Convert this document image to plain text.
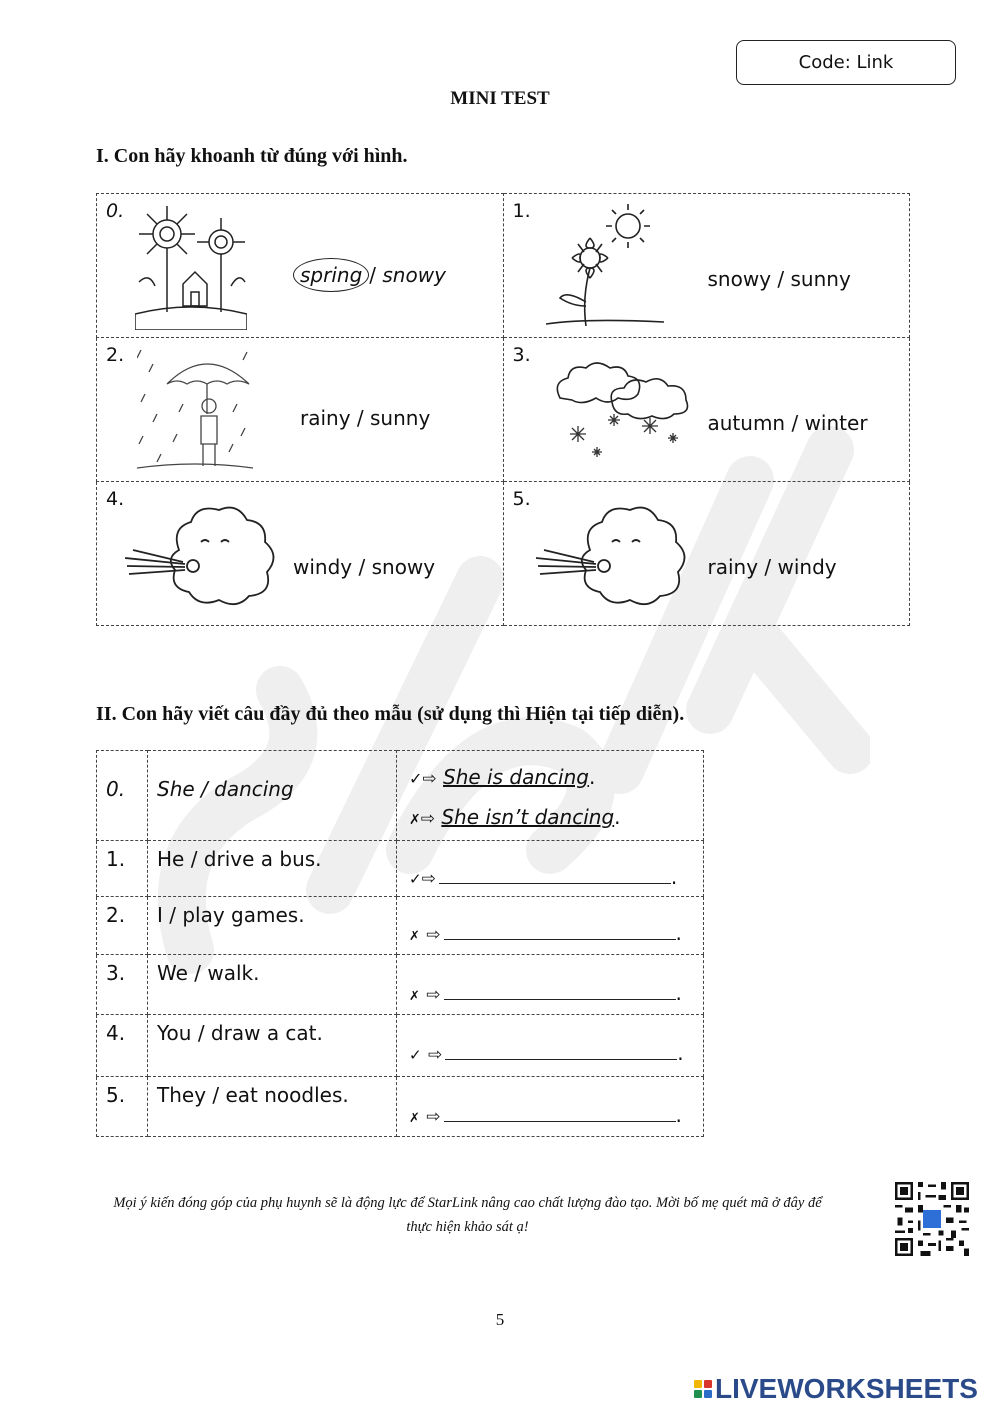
Code: Link
MINI TEST
I. Con hãy khoanh từ đúng với hình.
0.
spring / snowy	1.
snowy / sunny

2.
rainy / sunny	3.
autumn / winter

4.
windy / snowy	5.
rainy / windy
II. Con hãy viết câu đầy đủ theo mẫu (sử dụng thì Hiện tại tiếp diễn).
0.	She / dancing	✓⇨ She is dancing.
✗⇨ She isn’t dancing.

1.	He / drive a bus.	✓⇨ .

2.	I / play games.	✗ ⇨ .

3.	We / walk.	✗ ⇨ .

4.	You / draw a cat.	✓ ⇨ .

5.	They / eat noodles.	✗ ⇨ .
Mọi ý kiến đóng góp của phụ huynh sẽ là động lực để StarLink nâng cao chất lượng đào tạo. Mời bố mẹ quét mã ở đây để
thực hiện khảo sát ạ!
5
LIVEWORKSHEETS
